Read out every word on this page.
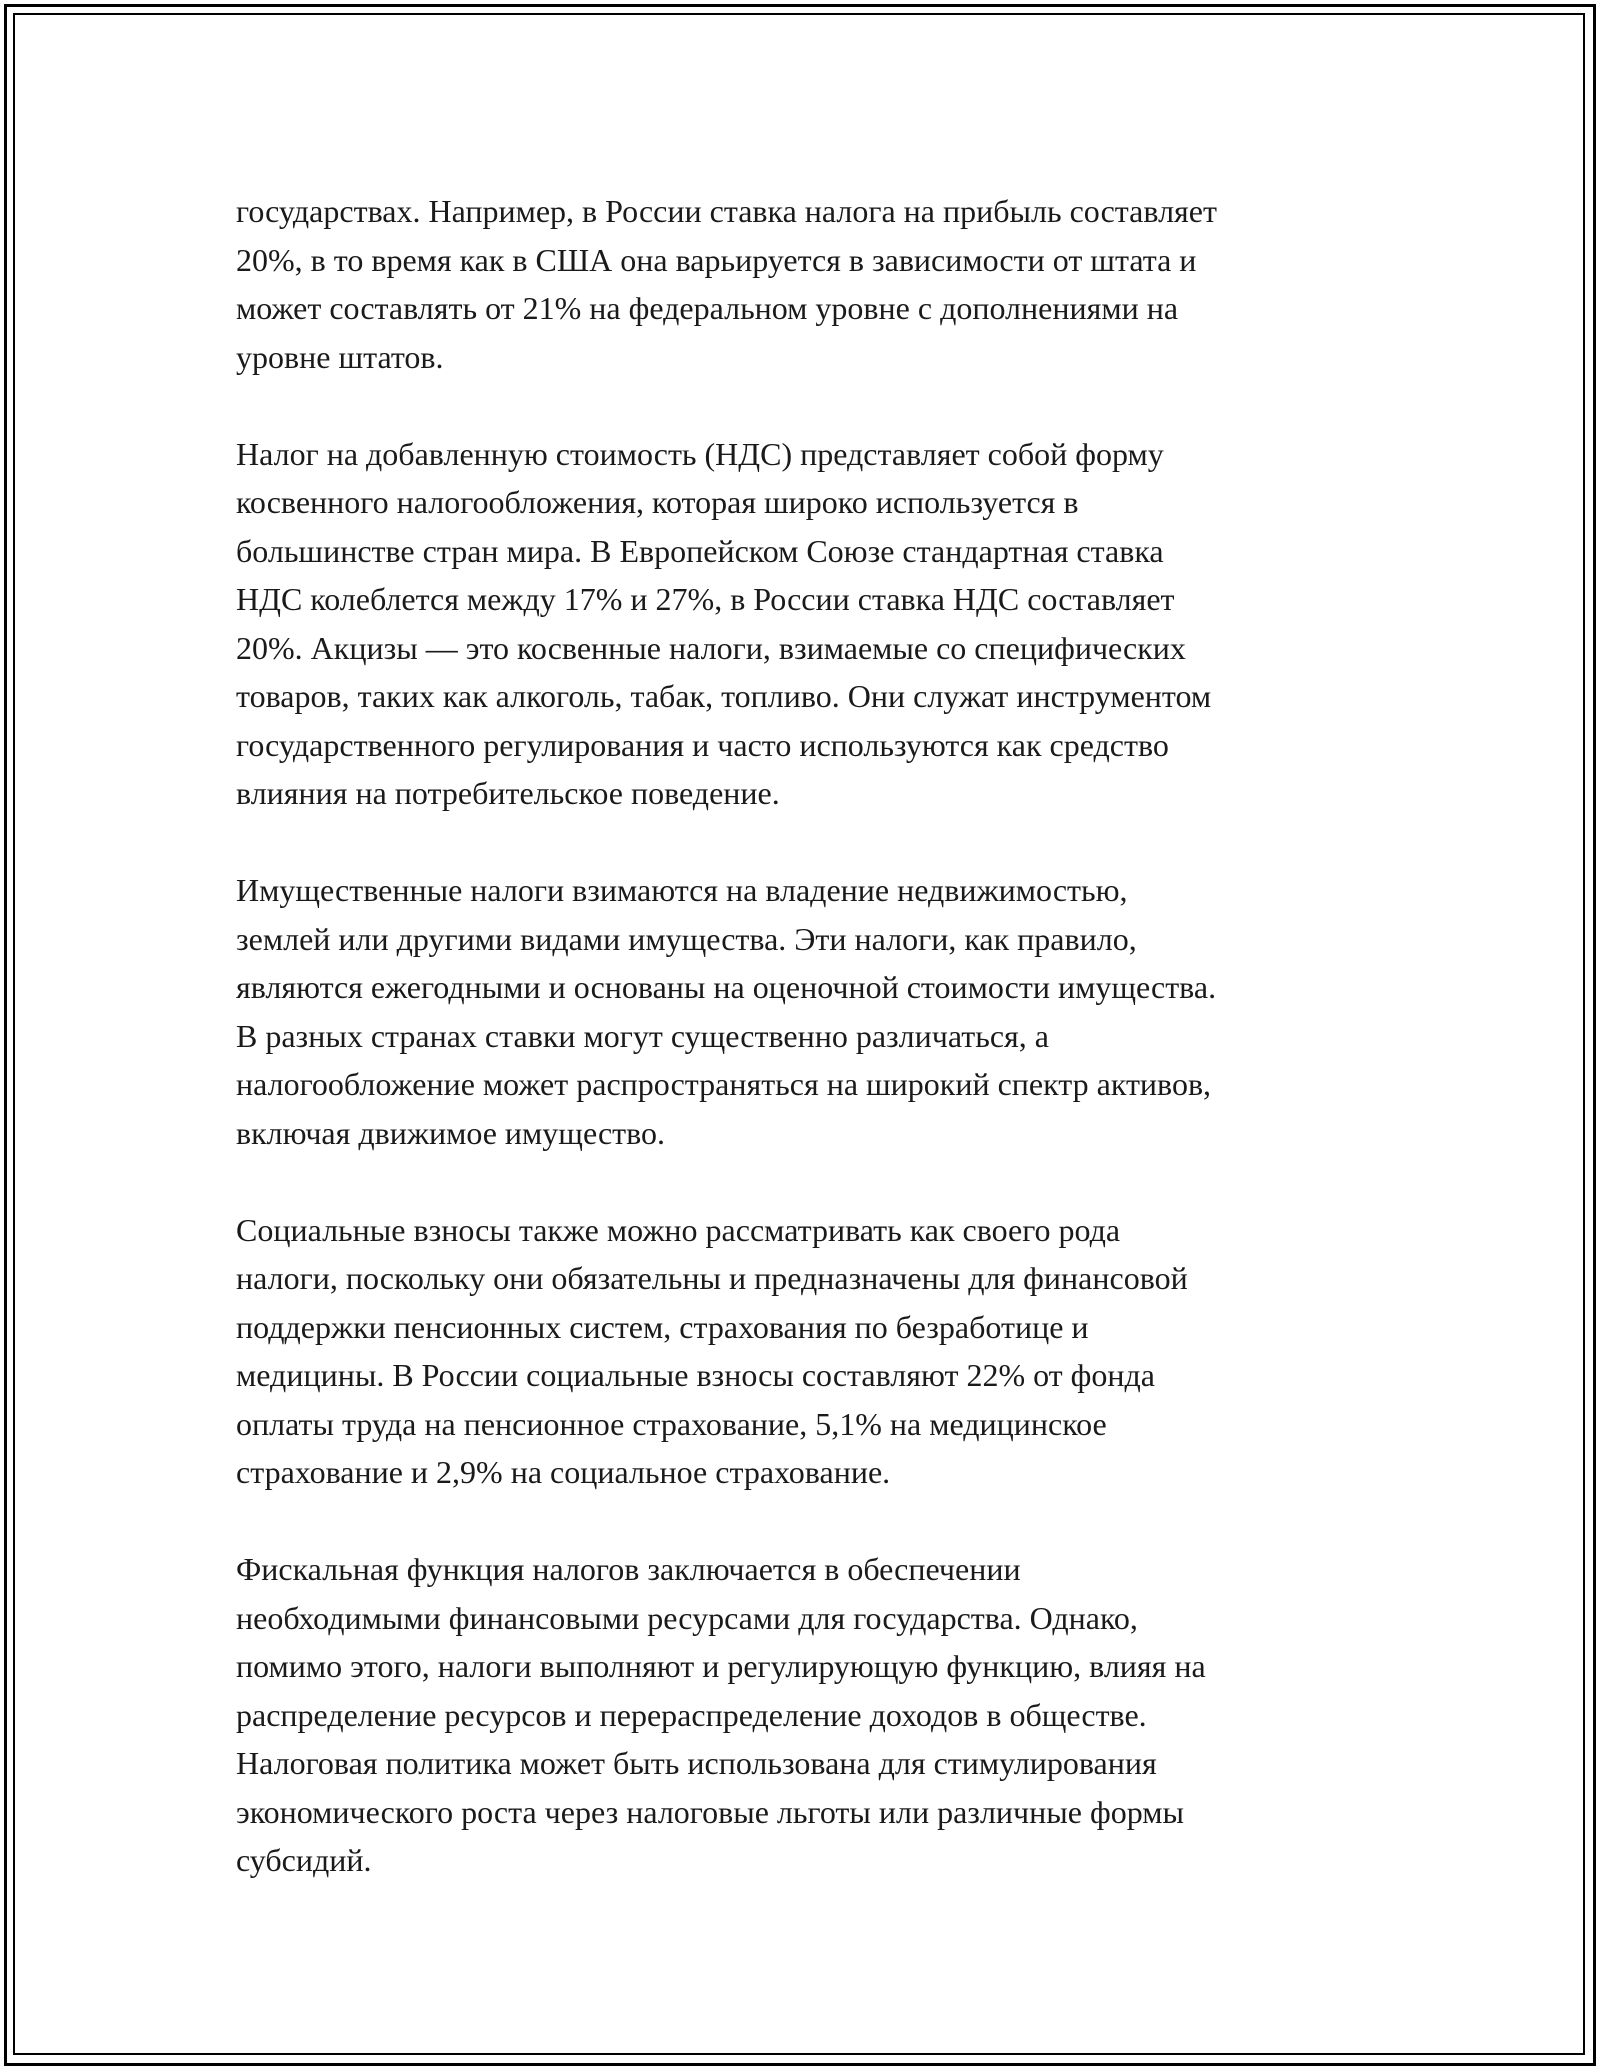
государствах. Например, в России ставка налога на прибыль составляет
20%, в то время как в США она варьируется в зависимости от штата и
может составлять от 21% на федеральном уровне с дополнениями на
уровне штатов.

Налог на добавленную стоимость (НДС) представляет собой форму
косвенного налогообложения, которая широко используется в
большинстве стран мира. В Европейском Союзе стандартная ставка
НДС колеблется между 17% и 27%, в России ставка НДС составляет
20%. Акцизы — это косвенные налоги, взимаемые со специфических
товаров, таких как алкоголь, табак, топливо. Они служат инструментом
государственного регулирования и часто используются как средство
влияния на потребительское поведение.

Имущественные налоги взимаются на владение недвижимостью,
землей или другими видами имущества. Эти налоги, как правило,
являются ежегодными и основаны на оценочной стоимости имущества.
В разных странах ставки могут существенно различаться, а
налогообложение может распространяться на широкий спектр активов,
включая движимое имущество.

Социальные взносы также можно рассматривать как своего рода
налоги, поскольку они обязательны и предназначены для финансовой
поддержки пенсионных систем, страхования по безработице и
медицины. В России социальные взносы составляют 22% от фонда
оплаты труда на пенсионное страхование, 5,1% на медицинское
страхование и 2,9% на социальное страхование.

Фискальная функция налогов заключается в обеспечении
необходимыми финансовыми ресурсами для государства. Однако,
помимо этого, налоги выполняют и регулирующую функцию, влияя на
распределение ресурсов и перераспределение доходов в обществе.
Налоговая политика может быть использована для стимулирования
экономического роста через налоговые льготы или различные формы
субсидий.
